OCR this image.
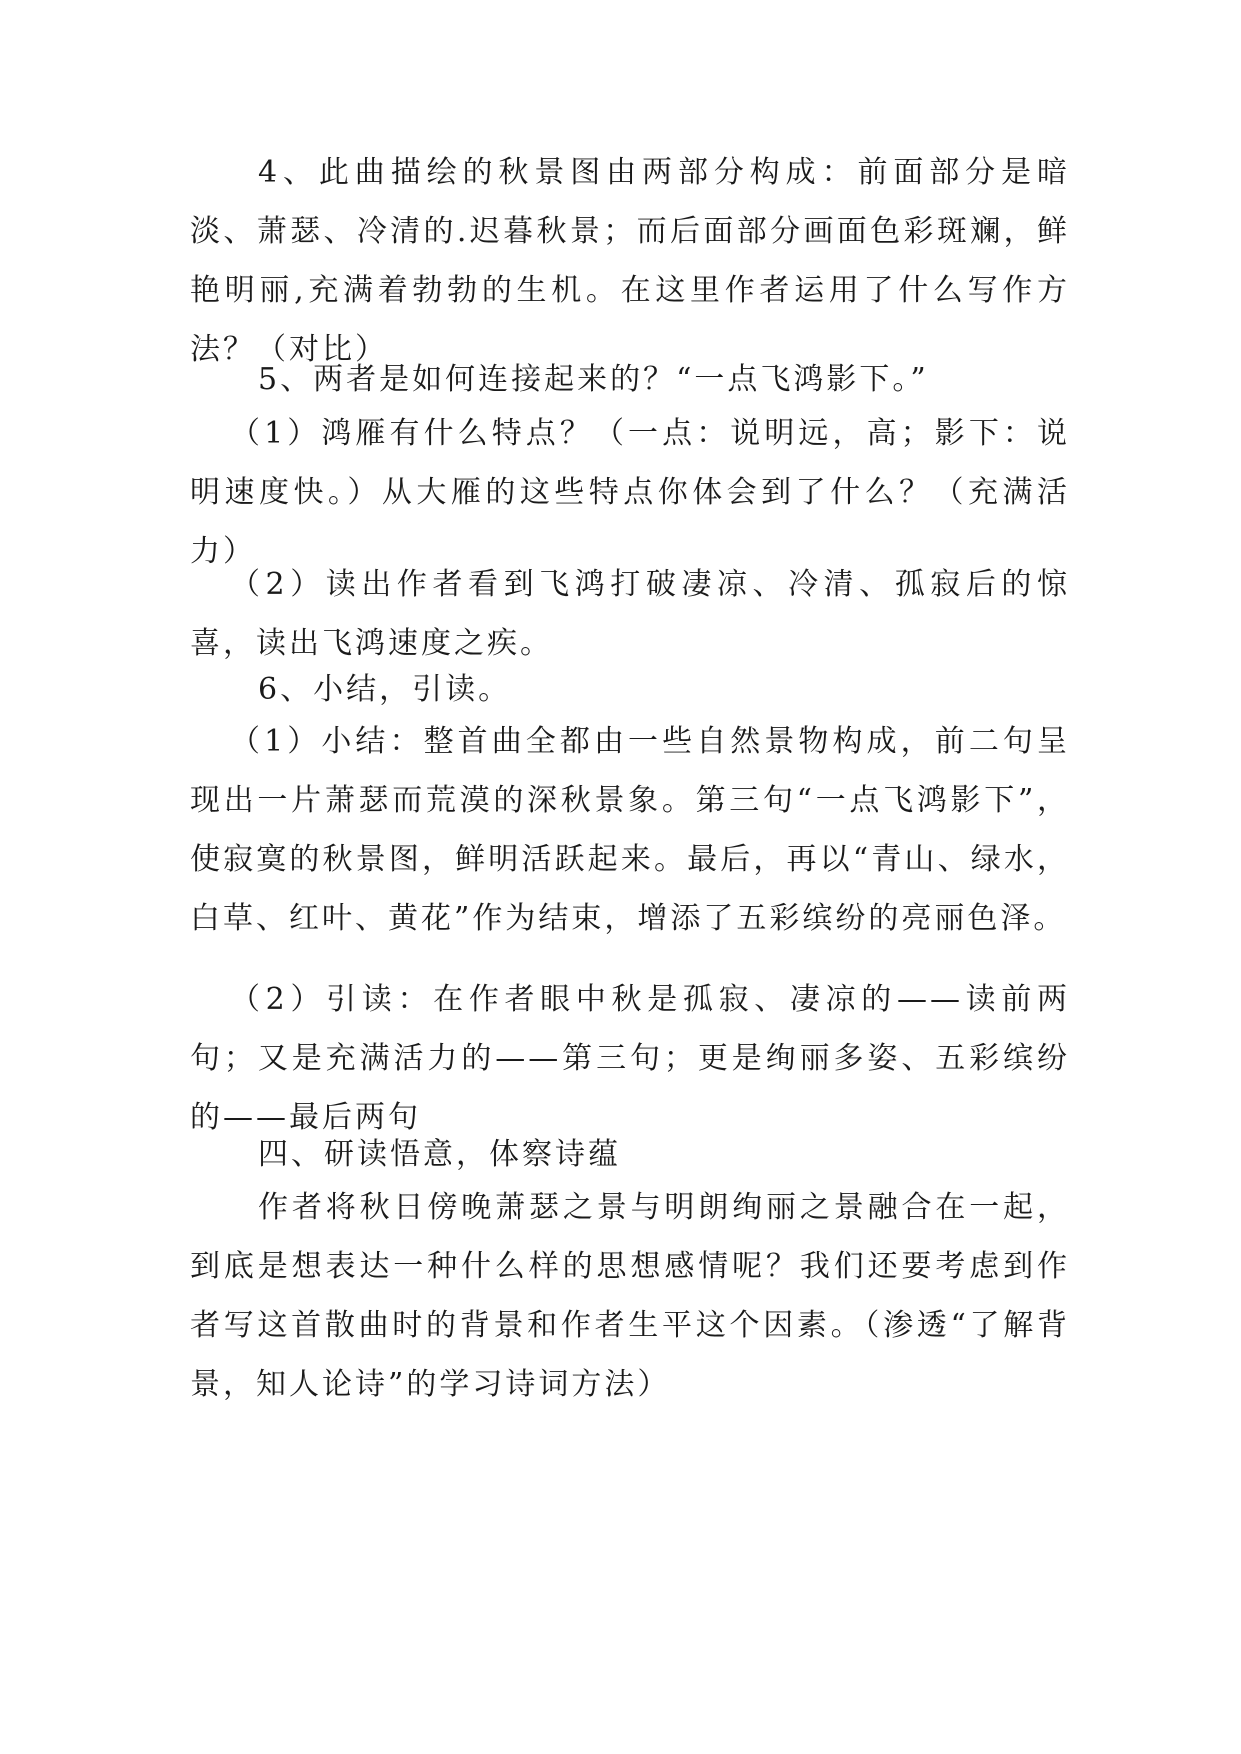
4、此曲描绘的秋景图由两部分构成：前面部分是暗淡、萧瑟、冷清的.迟暮秋景；而后面部分画面色彩斑斓，鲜艳明丽,充满着勃勃的生机。在这里作者运用了什么写作方法？（对比）

5、两者是如何连接起来的？“一点飞鸿影下。”

（1）鸿雁有什么特点？（一点：说明远，高；影下：说明速度快。）从大雁的这些特点你体会到了什么？（充满活力）

（2）读出作者看到飞鸿打破凄凉、冷清、孤寂后的惊喜，读出飞鸿速度之疾。

6、小结，引读。

（1）小结：整首曲全都由一些自然景物构成，前二句呈现出一片萧瑟而荒漠的深秋景象。第三句“一点飞鸿影下”，使寂寞的秋景图，鲜明活跃起来。最后，再以“青山、绿水，白草、红叶、黄花”作为结束，增添了五彩缤纷的亮丽色泽。

（2）引读：在作者眼中秋是孤寂、凄凉的——读前两句；又是充满活力的——第三句；更是绚丽多姿、五彩缤纷的——最后两句

四、研读悟意，体察诗蕴

作者将秋日傍晚萧瑟之景与明朗绚丽之景融合在一起，到底是想表达一种什么样的思想感情呢？我们还要考虑到作者写这首散曲时的背景和作者生平这个因素。（渗透“了解背景，知人论诗”的学习诗词方法）
